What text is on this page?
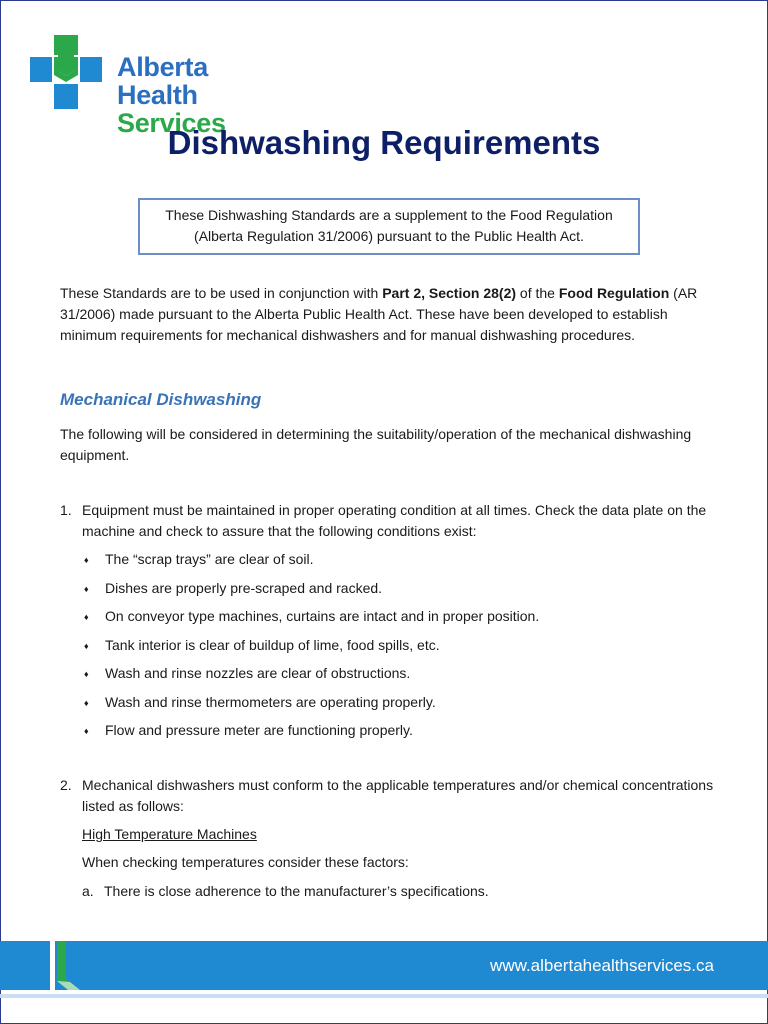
Alberta Health
Services
Dishwashing Requirements
These Dishwashing Standards are a supplement to the Food Regulation
(Alberta Regulation 31/2006) pursuant to the Public Health Act.
These Standards are to be used in conjunction with Part 2, Section 28(2) of the Food Regulation (AR 31/2006) made pursuant to the Alberta Public Health Act. These have been developed to establish minimum requirements for mechanical dishwashers and for manual dishwashing procedures.
Mechanical Dishwashing
The following will be considered in determining the suitability/operation of the mechanical dishwashing equipment.
1. Equipment must be maintained in proper operating condition at all times. Check the data plate on the machine and check to assure that the following conditions exist:
♦ The “scrap trays” are clear of soil.
♦ Dishes are properly pre-scraped and racked.
♦ On conveyor type machines, curtains are intact and in proper position.
♦ Tank interior is clear of buildup of lime, food spills, etc.
♦ Wash and rinse nozzles are clear of obstructions.
♦ Wash and rinse thermometers are operating properly.
♦ Flow and pressure meter are functioning properly.
2. Mechanical dishwashers must conform to the applicable temperatures and/or chemical concentrations listed as follows:
High Temperature Machines
When checking temperatures consider these factors:
a. There is close adherence to the manufacturer’s specifications.
www.albertahealthservices.ca
